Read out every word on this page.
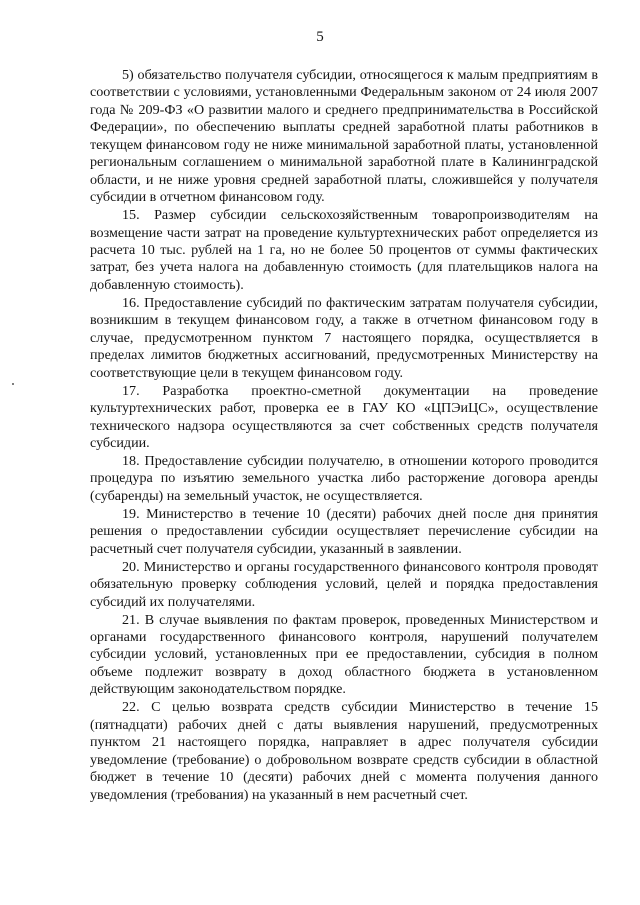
5

5) обязательство получателя субсидии, относящегося к малым предприятиям в соответствии с условиями, установленными Федеральным законом от 24 июля 2007 года № 209-ФЗ «О развитии малого и среднего предпринимательства в Российской Федерации», по обеспечению выплаты средней заработной платы работников в текущем финансовом году не ниже минимальной заработной платы, установленной региональным соглашением о минимальной заработной плате в Калининградской области, и не ниже уровня средней заработной платы, сложившейся у получателя субсидии в отчетном финансовом году.

15. Размер субсидии сельскохозяйственным товаропроизводителям на возмещение части затрат на проведение культуртехнических работ определяется из расчета 10 тыс. рублей на 1 га, но не более 50 процентов от суммы фактических затрат, без учета налога на добавленную стоимость (для плательщиков налога на добавленную стоимость).

16. Предоставление субсидий по фактическим затратам получателя субсидии, возникшим в текущем финансовом году, а также в отчетном финансовом году в случае, предусмотренном пунктом 7 настоящего порядка, осуществляется в пределах лимитов бюджетных ассигнований, предусмотренных Министерству на соответствующие цели в текущем финансовом году.

17. Разработка проектно-сметной документации на проведение культуртехнических работ, проверка ее в ГАУ КО «ЦПЭиЦС», осуществление технического надзора осуществляются за счет собственных средств получателя субсидии.

18. Предоставление субсидии получателю, в отношении которого проводится процедура по изъятию земельного участка либо расторжение договора аренды (субаренды) на земельный участок, не осуществляется.

19. Министерство в течение 10 (десяти) рабочих дней после дня принятия решения о предоставлении субсидии осуществляет перечисление субсидии на расчетный счет получателя субсидии, указанный в заявлении.

20. Министерство и органы государственного финансового контроля проводят обязательную проверку соблюдения условий, целей и порядка предоставления субсидий их получателями.

21. В случае выявления по фактам проверок, проведенных Министерством и органами государственного финансового контроля, нарушений получателем субсидии условий, установленных при ее предоставлении, субсидия в полном объеме подлежит возврату в доход областного бюджета в установленном действующим законодательством порядке.

22. С целью возврата средств субсидии Министерство в течение 15 (пятнадцати) рабочих дней с даты выявления нарушений, предусмотренных пунктом 21 настоящего порядка, направляет в адрес получателя субсидии уведомление (требование) о добровольном возврате средств субсидии в областной бюджет в течение 10 (десяти) рабочих дней с момента получения данного уведомления (требования) на указанный в нем расчетный счет.
